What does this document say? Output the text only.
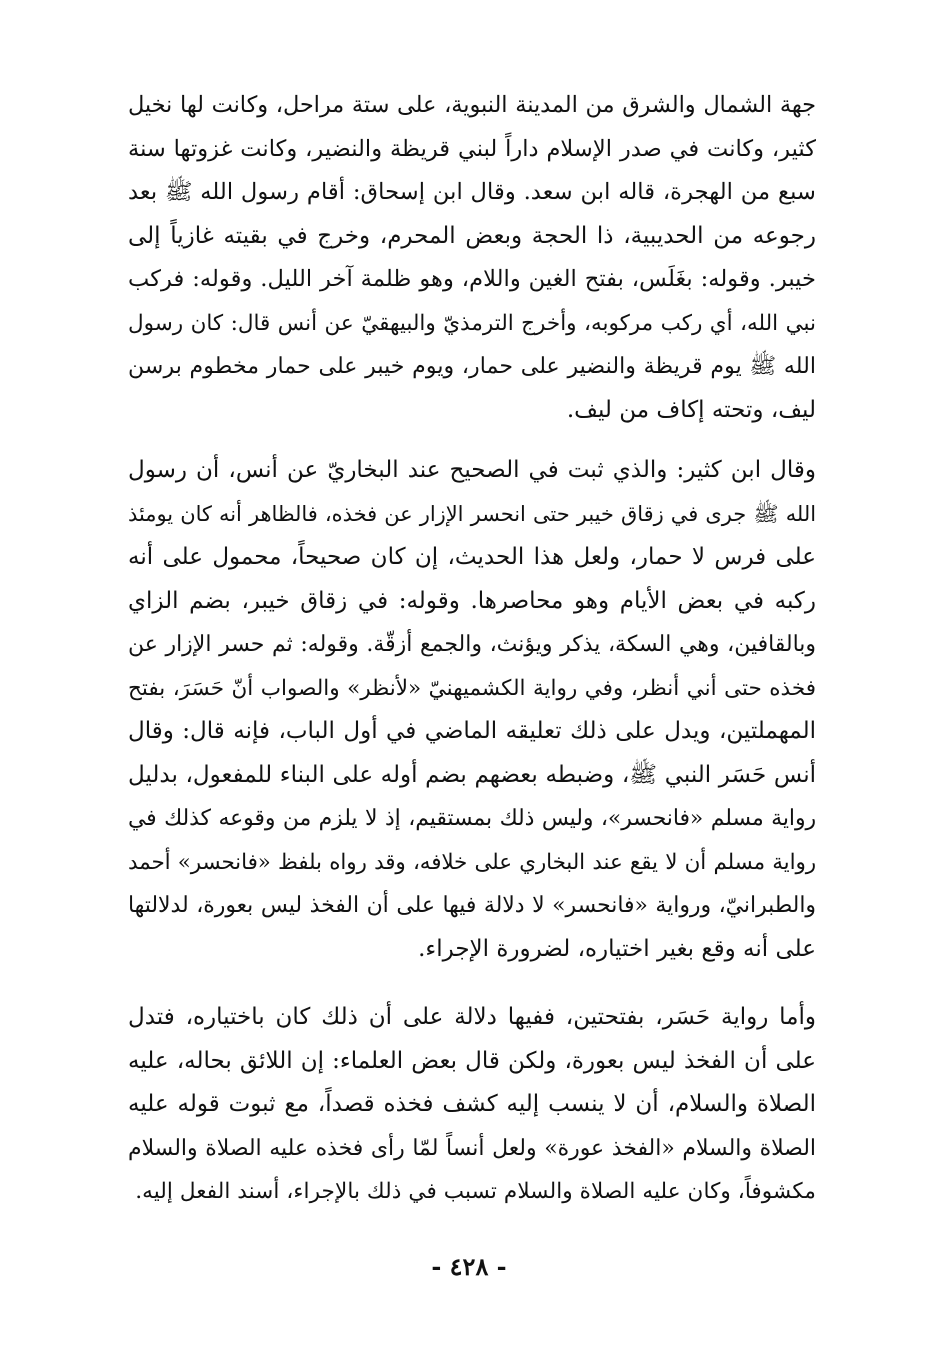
جهة الشمال والشرق من المدينة النبوية، على ستة مراحل، وكانت لها نخيل
كثير، وكانت في صدر الإسلام داراً لبني قريظة والنضير، وكانت غزوتها سنة
سبع من الهجرة، قاله ابن سعد. وقال ابن إسحاق: أقام رسول الله ﷺ بعد
رجوعه من الحديبية، ذا الحجة وبعض المحرم، وخرج في بقيته غازياً إلى
خيبر. وقوله: بغَلَس، بفتح الغين واللام، وهو ظلمة آخر الليل. وقوله: فركب
نبي الله، أي ركب مركوبه، وأخرج الترمذيّ والبيهقيّ عن أنس قال: كان رسول
الله ﷺ يوم قريظة والنضير على حمار، ويوم خيبر على حمار مخطوم برسن
ليف، وتحته إكاف من ليف.
وقال ابن كثير: والذي ثبت في الصحيح عند البخاريّ عن أنس، أن رسول
الله ﷺ جرى في زقاق خيبر حتى انحسر الإزار عن فخذه، فالظاهر أنه كان يومئذ
على فرس لا حمار، ولعل هذا الحديث، إن كان صحيحاً، محمول على أنه
ركبه في بعض الأيام وهو محاصرها. وقوله: في زقاق خيبر، بضم الزاي
وبالقافين، وهي السكة، يذكر ويؤنث، والجمع أزقّة. وقوله: ثم حسر الإزار عن
فخذه حتى أني أنظر، وفي رواية الكشميهنيّ «لأنظر» والصواب أنّ حَسَرَ، بفتح
المهملتين، ويدل على ذلك تعليقه الماضي في أول الباب، فإنه قال: وقال
أنس حَسَر النبي ﷺ، وضبطه بعضهم بضم أوله على البناء للمفعول، بدليل
رواية مسلم «فانحسر»، وليس ذلك بمستقيم، إذ لا يلزم من وقوعه كذلك في
رواية مسلم أن لا يقع عند البخاري على خلافه، وقد رواه بلفظ «فانحسر» أحمد
والطبرانيّ، ورواية «فانحسر» لا دلالة فيها على أن الفخذ ليس بعورة، لدلالتها
على أنه وقع بغير اختياره، لضرورة الإجراء.
وأما رواية حَسَر، بفتحتين، ففيها دلالة على أن ذلك كان باختياره، فتدل
على أن الفخذ ليس بعورة، ولكن قال بعض العلماء: إن اللائق بحاله، عليه
الصلاة والسلام، أن لا ينسب إليه كشف فخذه قصداً، مع ثبوت قوله عليه
الصلاة والسلام «الفخذ عورة» ولعل أنساً لمّا رأى فخذه عليه الصلاة والسلام
مكشوفاً، وكان عليه الصلاة والسلام تسبب في ذلك بالإجراء، أسند الفعل إليه.
- ٤٢٨ -
